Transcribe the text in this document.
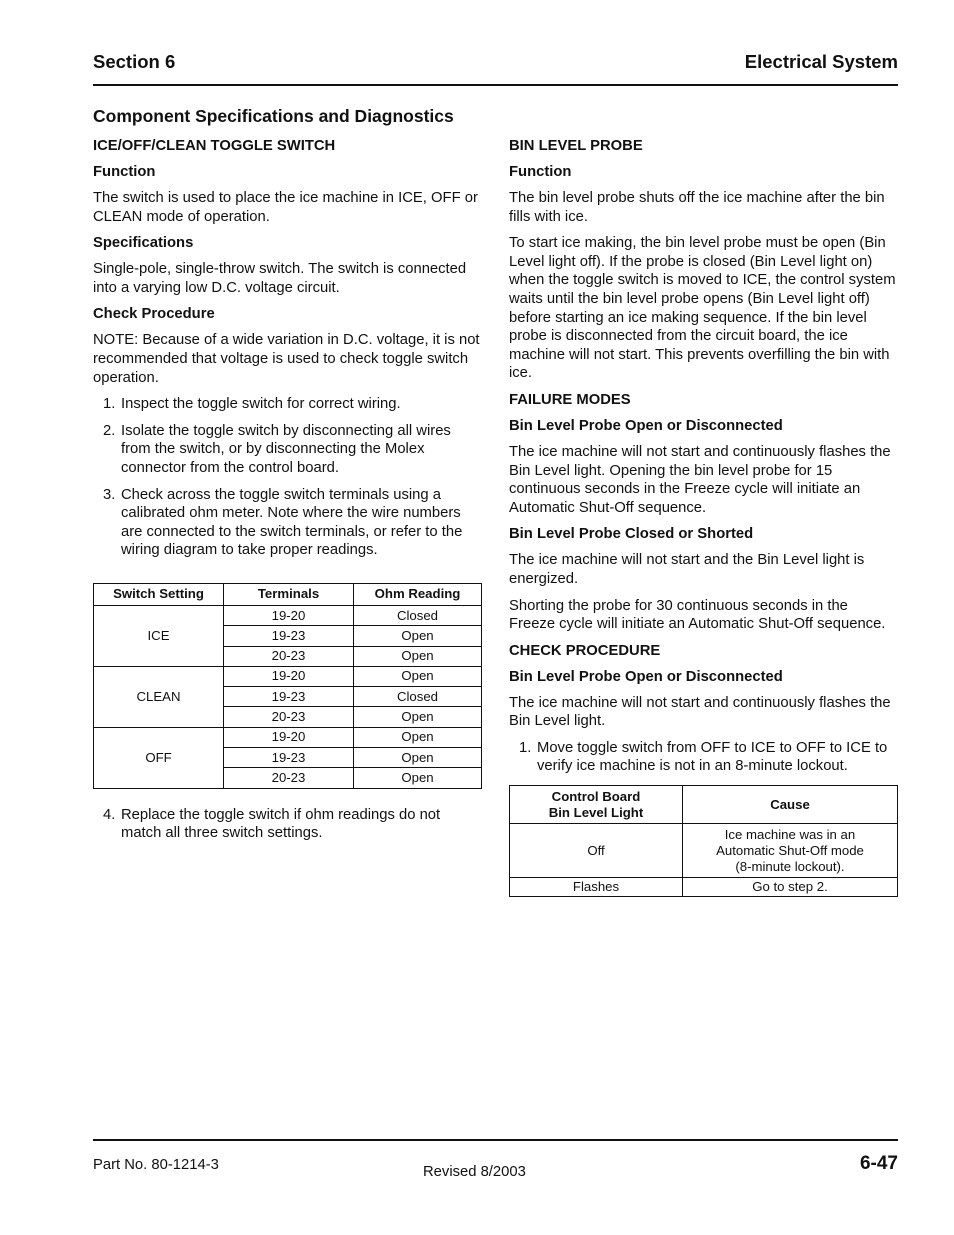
Section 6	Electrical System
Component Specifications and Diagnostics
ICE/OFF/CLEAN TOGGLE SWITCH
Function

The switch is used to place the ice machine in ICE, OFF or CLEAN mode of operation.

Specifications

Single-pole, single-throw switch. The switch is connected into a varying low D.C. voltage circuit.

Check Procedure

NOTE: Because of a wide variation in D.C. voltage, it is not recommended that voltage is used to check toggle switch operation.

1. Inspect the toggle switch for correct wiring.
2. Isolate the toggle switch by disconnecting all wires from the switch, or by disconnecting the Molex connector from the control board.
3. Check across the toggle switch terminals using a calibrated ohm meter. Note where the wire numbers are connected to the switch terminals, or refer to the wiring diagram to take proper readings.
Switch Setting	Terminals	Ohm Reading
ICE	19-20	Closed
	19-23	Open
	20-23	Open
CLEAN	19-20	Open
	19-23	Closed
	20-23	Open
OFF	19-20	Open
	19-23	Open
	20-23	Open
4. Replace the toggle switch if ohm readings do not match all three switch settings.
BIN LEVEL PROBE
Function

The bin level probe shuts off the ice machine after the bin fills with ice.

To start ice making, the bin level probe must be open (Bin Level light off). If the probe is closed (Bin Level light on) when the toggle switch is moved to ICE, the control system waits until the bin level probe opens (Bin Level light off) before starting an ice making sequence. If the bin level probe is disconnected from the circuit board, the ice machine will not start. This prevents overfilling the bin with ice.

FAILURE MODES
Bin Level Probe Open or Disconnected

The ice machine will not start and continuously flashes the Bin Level light. Opening the bin level probe for 15 continuous seconds in the Freeze cycle will initiate an Automatic Shut-Off sequence.

Bin Level Probe Closed or Shorted

The ice machine will not start and the Bin Level light is energized.

Shorting the probe for 30 continuous seconds in the Freeze cycle will initiate an Automatic Shut-Off sequence.

CHECK PROCEDURE
Bin Level Probe Open or Disconnected

The ice machine will not start and continuously flashes the Bin Level light.

1. Move toggle switch from OFF to ICE to OFF to ICE to verify ice machine is not in an 8-minute lockout.
Control Board
Bin Level Light	Cause
Off	Ice machine was in an
Automatic Shut-Off mode
(8-minute lockout).

Flashes	Go to step 2.
Part No. 80-1214-3	Revised 8/2003	6-47
